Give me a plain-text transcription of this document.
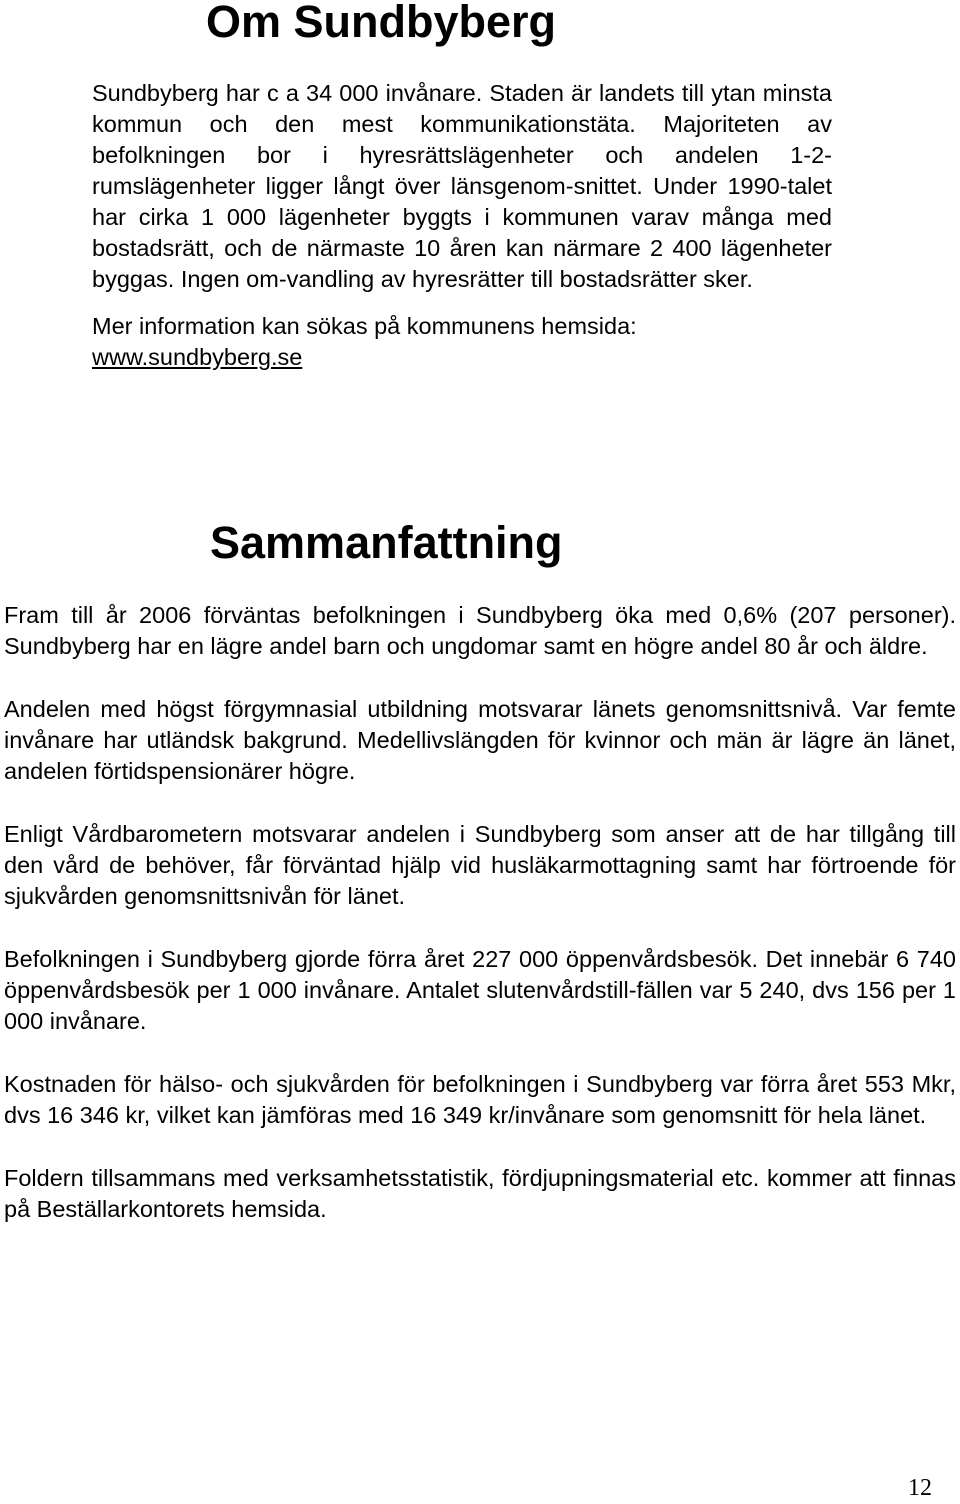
Om Sundbyberg

Sundbyberg har c a 34 000 invånare. Staden är landets till ytan minsta kommun och den mest kommunikationstäta. Majoriteten av befolkningen bor i hyresrättslägenheter och andelen 1-2-rumslägenheter ligger långt över länsgenom-snittet. Under 1990-talet har cirka 1 000 lägenheter byggts i kommunen varav många med bostadsrätt, och de närmaste 10 åren kan närmare 2 400 lägenheter byggas. Ingen om-vandling av hyresrätter till bostadsrätter sker.

Mer information kan sökas på kommunens hemsida:
www.sundbyberg.se

Sammanfattning

Fram till år 2006 förväntas befolkningen i Sundbyberg öka med 0,6% (207 personer). Sundbyberg har en lägre andel barn och ungdomar samt en högre andel 80 år och äldre.

Andelen med högst förgymnasial utbildning motsvarar länets genomsnittsnivå. Var femte invånare har utländsk bakgrund. Medellivslängden för kvinnor och män är lägre än länet, andelen förtidspensionärer högre.

Enligt Vårdbarometern motsvarar andelen i Sundbyberg som anser att de har tillgång till den vård de behöver, får förväntad hjälp vid husläkarmottagning samt har förtroende för sjukvården genomsnittsnivån för länet.

Befolkningen i Sundbyberg gjorde förra året 227 000 öppenvårdsbesök. Det innebär 6 740 öppenvårdsbesök per 1 000 invånare. Antalet slutenvårdstill-fällen var 5 240, dvs 156 per 1 000 invånare.

Kostnaden för hälso- och sjukvården för befolkningen i Sundbyberg var förra året 553 Mkr, dvs 16 346 kr, vilket kan jämföras med 16 349 kr/invånare som genomsnitt för hela länet.

Foldern tillsammans med verksamhetsstatistik, fördjupningsmaterial etc. kommer att finnas på Beställarkontorets hemsida.

12
